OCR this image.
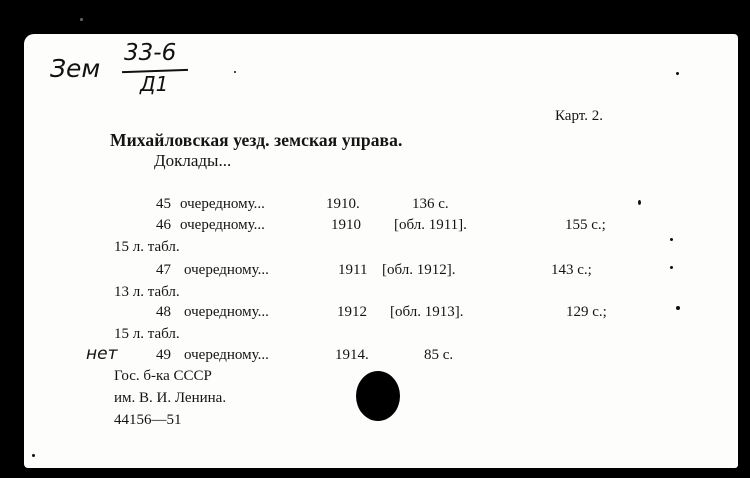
Зем
33-6
Д1
Карт. 2.
Михайловская уезд. земская управа.
Доклады...
45 очередному...	1910.	136 с.
46 очередному...	1910 [обл. 1911].	155 с.;
15 л. табл.
47 очередному...	1911 [обл. 1912].	143 с.;
13 л. табл.
48 очередному...	1912 [обл. 1913].	129 с.;
15 л. табл.
нет	49 очередному...	1914.	85 с.
Гос. б-ка СССР
им. В. И. Ленина.
44156—51
